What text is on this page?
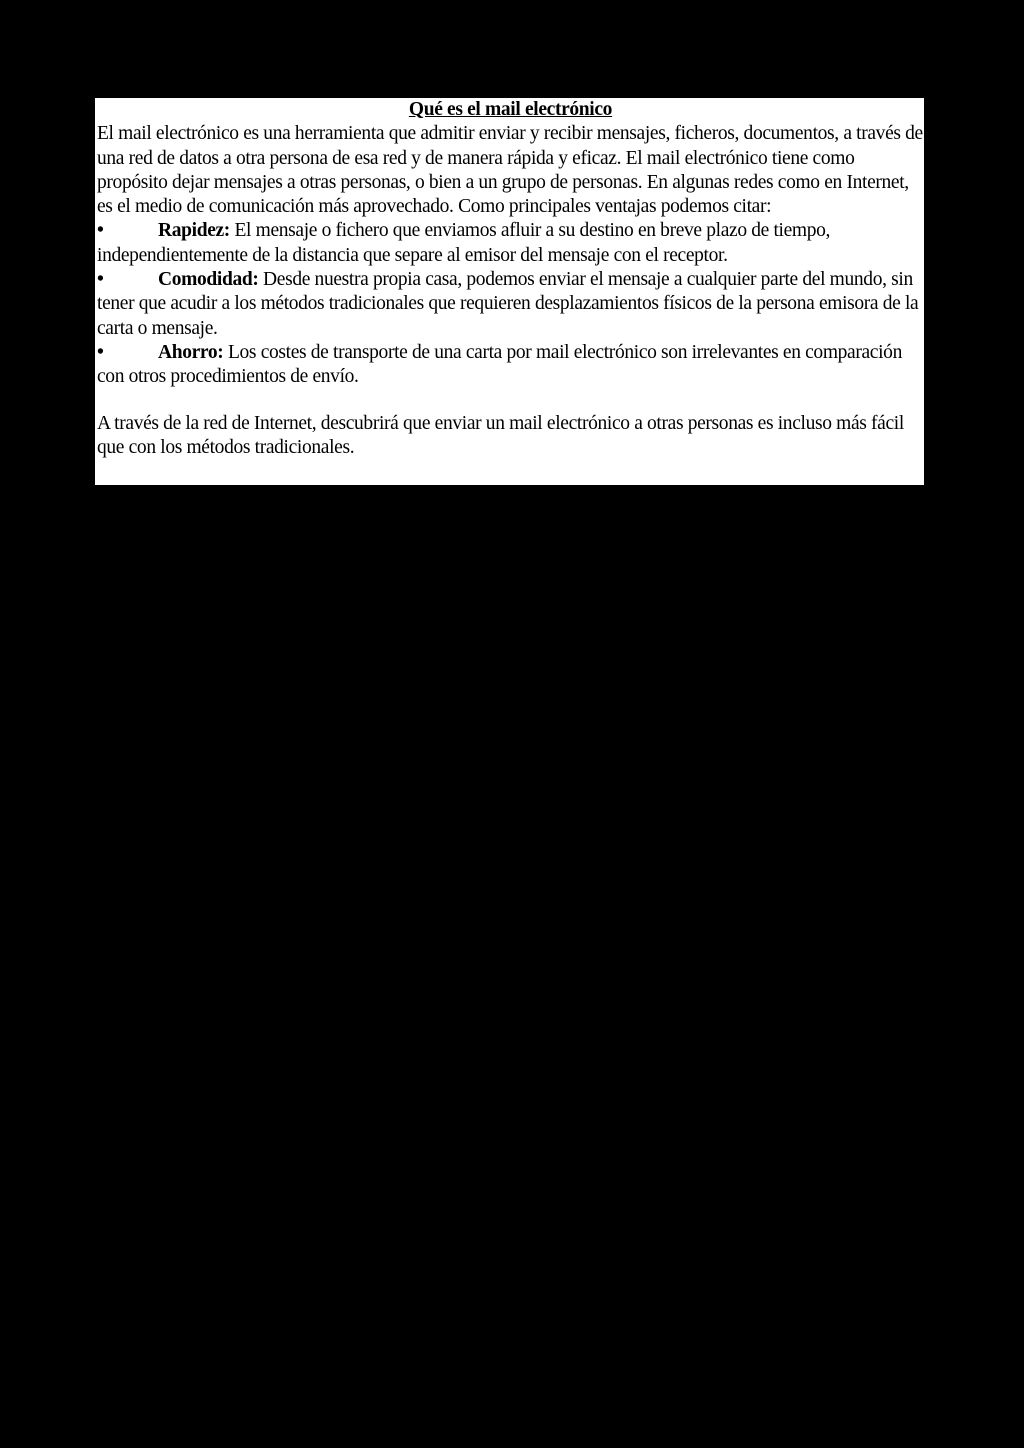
Qué es el mail electrónico

El mail electrónico es una herramienta que admitir enviar y recibir mensajes, ficheros, documentos, a través de una red de datos a otra persona de esa red y de manera rápida y eficaz. El mail electrónico tiene como propósito dejar mensajes a otras personas, o bien a un grupo de personas. En algunas redes como en Internet, es el medio de comunicación más aprovechado. Como principales ventajas podemos citar:

•	Rapidez: El mensaje o fichero que enviamos afluir a su destino en breve plazo de tiempo, independientemente de la distancia que separe al emisor del mensaje con el receptor.

•	Comodidad: Desde nuestra propia casa, podemos enviar el mensaje a cualquier parte del mundo, sin tener que acudir a los métodos tradicionales que requieren desplazamientos físicos de la persona emisora de la carta o mensaje.

•	Ahorro: Los costes de transporte de una carta por mail electrónico son irrelevantes en comparación con otros procedimientos de envío.

A través de la red de Internet, descubrirá que enviar un mail electrónico a otras personas es incluso más fácil que con los métodos tradicionales.
